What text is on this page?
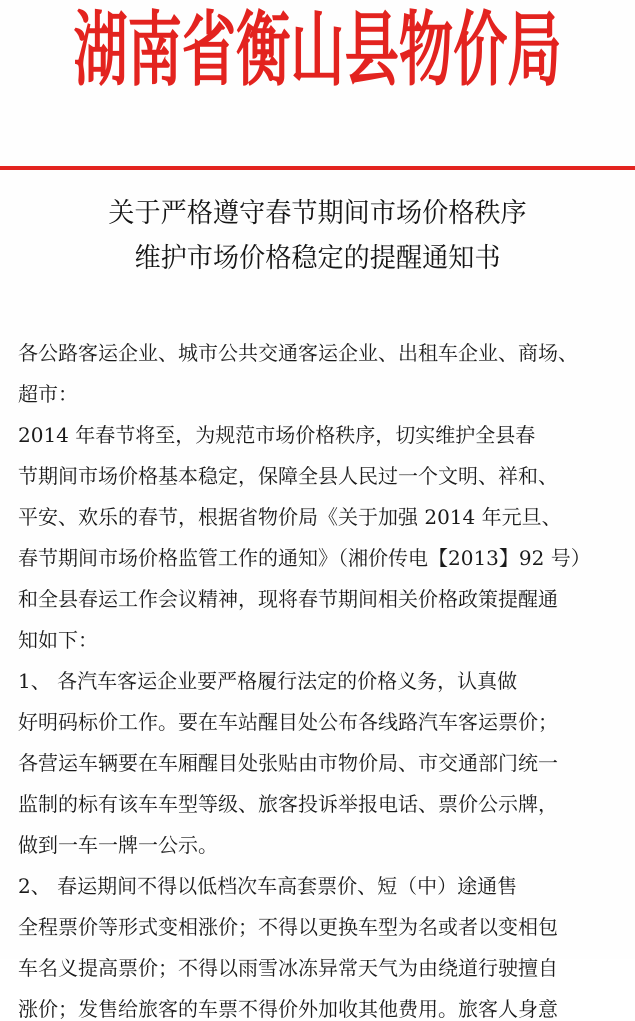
湖南省衡山县物价局
关于严格遵守春节期间市场价格秩序
维护市场价格稳定的提醒通知书
各公路客运企业、城市公共交通客运企业、出租车企业、商场、
超市：
2014 年春节将至，为规范市场价格秩序，切实维护全县春
节期间市场价格基本稳定，保障全县人民过一个文明、祥和、
平安、欢乐的春节，根据省物价局《关于加强 2014 年元旦、
春节期间市场价格监管工作的通知》（湘价传电【2013】92 号）
和全县春运工作会议精神，现将春节期间相关价格政策提醒通
知如下：
1、 各汽车客运企业要严格履行法定的价格义务，认真做
好明码标价工作。要在车站醒目处公布各线路汽车客运票价；
各营运车辆要在车厢醒目处张贴由市物价局、市交通部门统一
监制的标有该车车型等级、旅客投诉举报电话、票价公示牌，
做到一车一牌一公示。
2、 春运期间不得以低档次车高套票价、短（中）途通售
全程票价等形式变相涨价；不得以更换车型为名或者以变相包
车名义提高票价；不得以雨雪冰冻异常天气为由绕道行驶擅自
涨价；发售给旅客的车票不得价外加收其他费用。旅客人身意
